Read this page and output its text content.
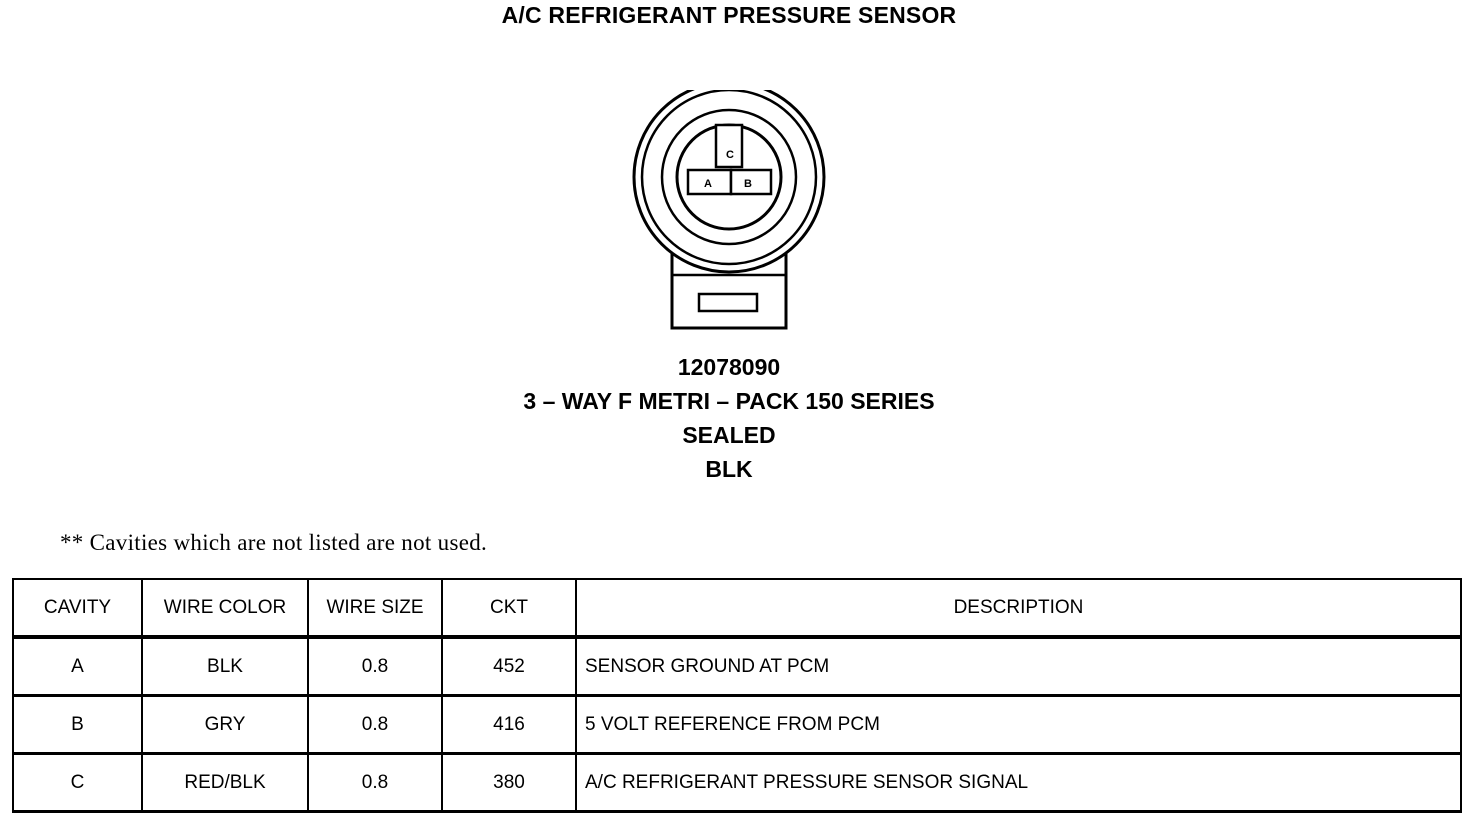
A/C REFRIGERANT PRESSURE SENSOR
C
A	B
12078090
3 – WAY F METRI – PACK 150 SERIES
SEALED
BLK
** Cavities which are not listed are not used.
CAVITY	WIRE COLOR	WIRE SIZE	CKT	DESCRIPTION
A	BLK	0.8	452	SENSOR GROUND AT PCM
B	GRY	0.8	416	5 VOLT REFERENCE FROM PCM
C	RED/BLK	0.8	380	A/C REFRIGERANT PRESSURE SENSOR SIGNAL
